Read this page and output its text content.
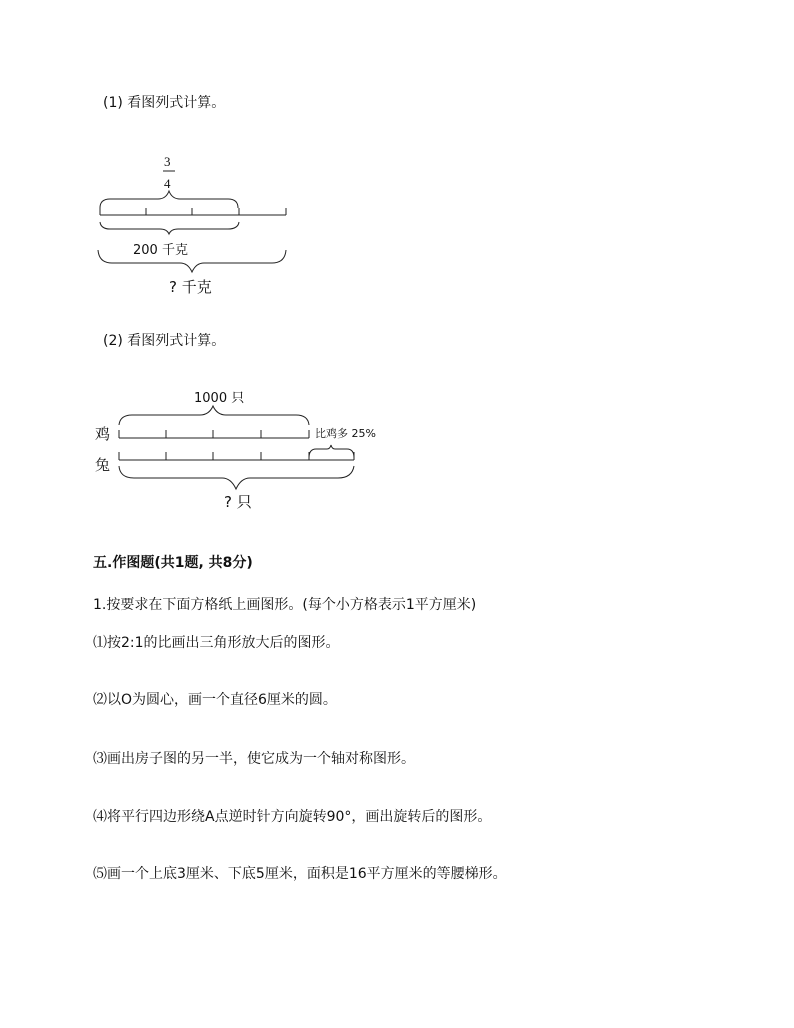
(1) 看图列式计算。
3
4
200 千克
? 千克
(2) 看图列式计算。
1000 只
鸡
兔
比鸡多 25%
? 只
五.作图题(共1题, 共8分)
1.按要求在下面方格纸上画图形。(每个小方格表示1平方厘米)
⑴按2:1的比画出三角形放大后的图形。
⑵以O为圆心，画一个直径6厘米的圆。
⑶画出房子图的另一半，使它成为一个轴对称图形。
⑷将平行四边形绕A点逆时针方向旋转90°，画出旋转后的图形。
⑸画一个上底3厘米、下底5厘米，面积是16平方厘米的等腰梯形。
